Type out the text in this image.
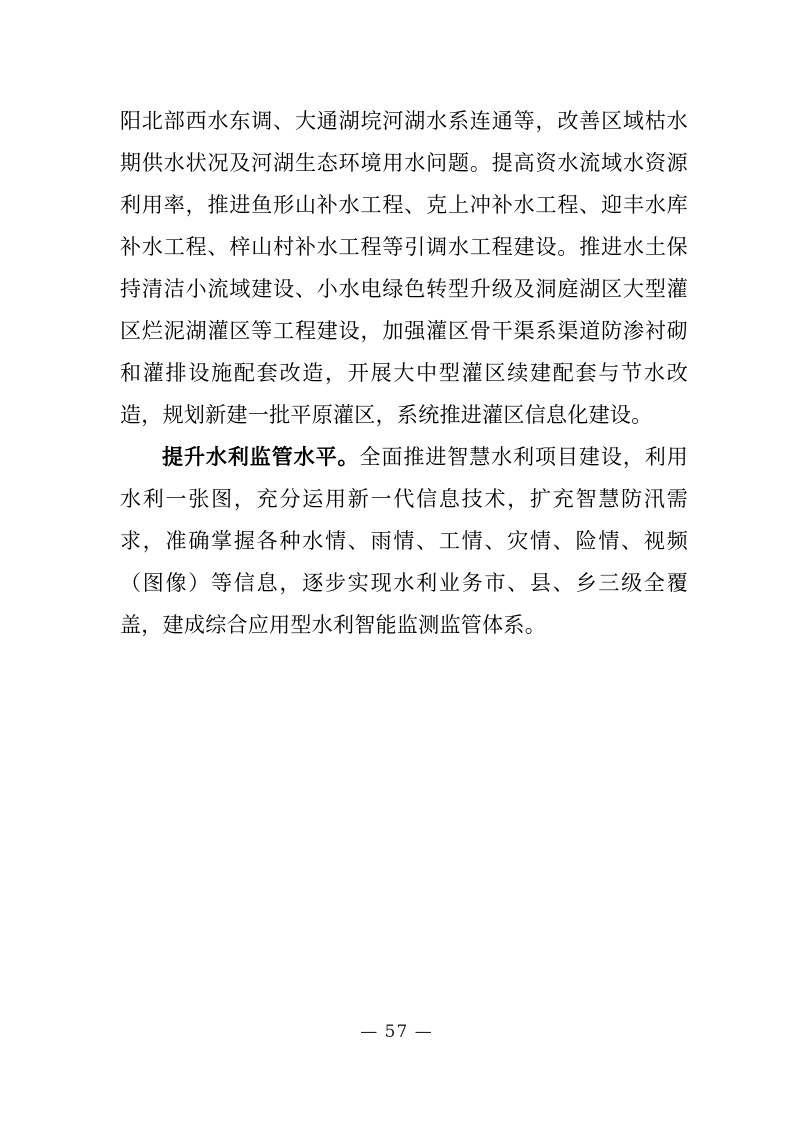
阳北部西水东调、大通湖垸河湖水系连通等，改善区域枯水期供水状况及河湖生态环境用水问题。提高资水流域水资源利用率，推进鱼形山补水工程、克上冲补水工程、迎丰水库补水工程、梓山村补水工程等引调水工程建设。推进水土保持清洁小流域建设、小水电绿色转型升级及洞庭湖区大型灌区烂泥湖灌区等工程建设，加强灌区骨干渠系渠道防渗衬砌和灌排设施配套改造，开展大中型灌区续建配套与节水改造，规划新建一批平原灌区，系统推进灌区信息化建设。

提升水利监管水平。全面推进智慧水利项目建设，利用水利一张图，充分运用新一代信息技术，扩充智慧防汛需求，准确掌握各种水情、雨情、工情、灾情、险情、视频（图像）等信息，逐步实现水利业务市、县、乡三级全覆盖，建成综合应用型水利智能监测监管体系。

— 57 —
